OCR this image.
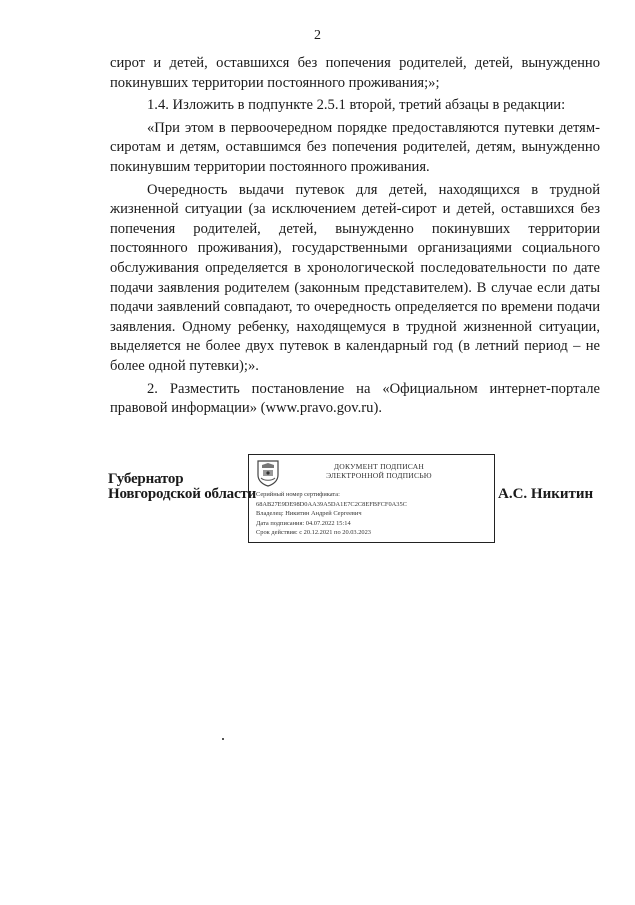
2

сирот и детей, оставшихся без попечения родителей, детей, вынужденно покинувших территории постоянного проживания;»;

1.4. Изложить в подпункте 2.5.1 второй, третий абзацы в редакции:

«При этом в первоочередном порядке предоставляются путевки детям-сиротам и детям, оставшимся без попечения родителей, детям, вынужденно покинувшим территории постоянного проживания.

Очередность выдачи путевок для детей, находящихся в трудной жизненной ситуации (за исключением детей-сирот и детей, оставшихся без попечения родителей, детей, вынужденно покинувших территории постоянного проживания), государственными организациями социального обслуживания определяется в хронологической последовательности по дате подачи заявления родителем (законным представителем). В случае если даты подачи заявлений совпадают, то очередность определяется по времени подачи заявления. Одному ребенку, находящемуся в трудной жизненной ситуации, выделяется не более двух путевок в календарный год (в летний период – не более одной путевки);».

2. Разместить постановление на «Официальном интернет-портале правовой информации» (www.pravo.gov.ru).

Губернатор
Новгородской области
ДОКУМЕНТ ПОДПИСАН
ЭЛЕКТРОННОЙ ПОДПИСЬЮ
Серийный номер сертификата:
68AB27E9DE98D0AA39A5DA1E7C2C8EFBFCF0A35C
Владелец: Никитин Андрей Сергеевич
Дата подписания: 04.07.2022 15:14
Срок действия: с 20.12.2021 по 20.03.2023
А.С. Никитин
